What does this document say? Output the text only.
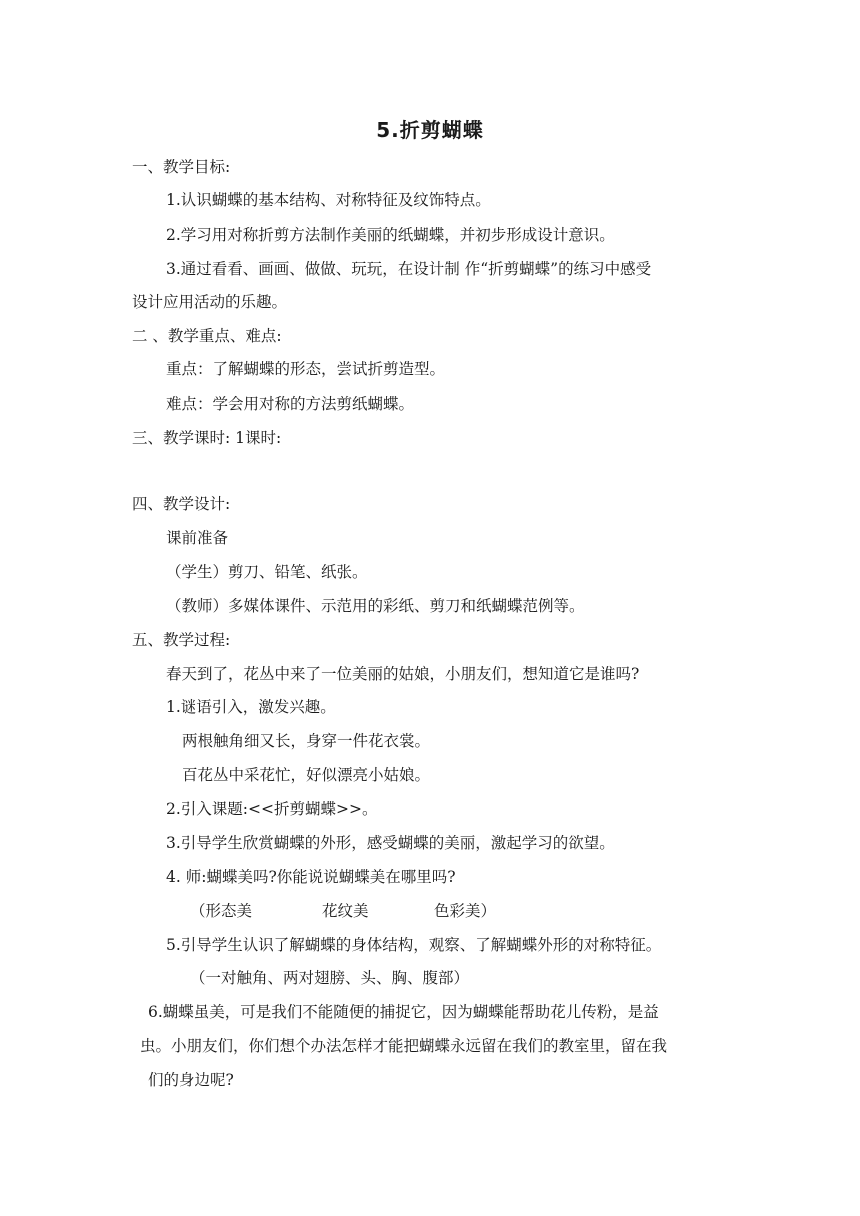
5.折剪蝴蝶
一、教学目标:
1.认识蝴蝶的基本结构、对称特征及纹饰特点。
2.学习用对称折剪方法制作美丽的纸蝴蝶，并初步形成设计意识。
3.通过看看、画画、做做、玩玩，在设计制 作“折剪蝴蝶”的练习中感受
设计应用活动的乐趣。
二 、教学重点、难点:
重点：了解蝴蝶的形态，尝试折剪造型。
难点：学会用对称的方法剪纸蝴蝶。
三、教学课时: 1课时:
四、教学设计:
课前准备
（学生）剪刀、铅笔、纸张。
（教师）多媒体课件、示范用的彩纸、剪刀和纸蝴蝶范例等。
五、教学过程:
春天到了，花丛中来了一位美丽的姑娘，小朋友们，想知道它是谁吗?
1.谜语引入，激发兴趣。
两根触角细又长，身穿一件花衣裳。
百花丛中采花忙，好似漂亮小姑娘。
2.引入课题:<<折剪蝴蝶>>。
3.引导学生欣赏蝴蝶的外形，感受蝴蝶的美丽，激起学习的欲望。
4. 师:蝴蝶美吗?你能说说蝴蝶美在哪里吗?
（形态美	花纹美	色彩美）
5.引导学生认识了解蝴蝶的身体结构，观察、了解蝴蝶外形的对称特征。
（一对触角、两对翅膀、头、胸、腹部）
6.蝴蝶虽美，可是我们不能随便的捕捉它，因为蝴蝶能帮助花儿传粉，是益
虫。小朋友们，你们想个办法怎样才能把蝴蝶永远留在我们的教室里，留在我
们的身边呢?
